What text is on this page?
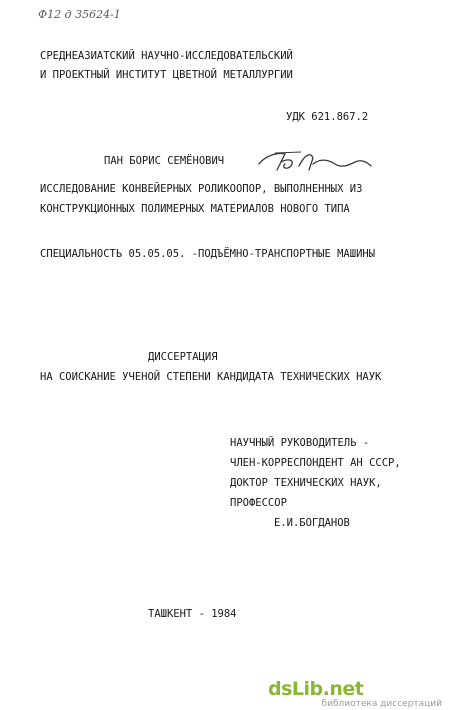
Ф12 д 35624-1
СРЕДНЕАЗИАТСКИЙ НАУЧНО-ИССЛЕДОВАТЕЛЬСКИЙ
И ПРОЕКТНЫЙ ИНСТИТУТ ЦВЕТНОЙ МЕТАЛЛУРГИИ
УДК 621.867.2
ПАН БОРИС СЕМЁНОВИЧ
ИССЛЕДОВАНИЕ КОНВЕЙЕРНЫХ РОЛИКООПОР, ВЫПОЛНЕННЫХ ИЗ
КОНСТРУКЦИОННЫХ ПОЛИМЕРНЫХ МАТЕРИАЛОВ НОВОГО ТИПА
СПЕЦИАЛЬНОСТЬ 05.05.05. -ПОДЪЁМНО-ТРАНСПОРТНЫЕ МАШИНЫ
ДИССЕРТАЦИЯ
НА СОИСКАНИЕ УЧЕНОЙ СТЕПЕНИ КАНДИДАТА ТЕХНИЧЕСКИХ НАУК
НАУЧНЫЙ РУКОВОДИТЕЛЬ -
ЧЛЕН-КОРРЕСПОНДЕНТ АН СССР,
ДОКТОР ТЕХНИЧЕСКИХ НАУК,
ПРОФЕССОР
Е.И.БОГДАНОВ
ТАШКЕНТ - 1984
dsLib.net
библиотека диссертаций
